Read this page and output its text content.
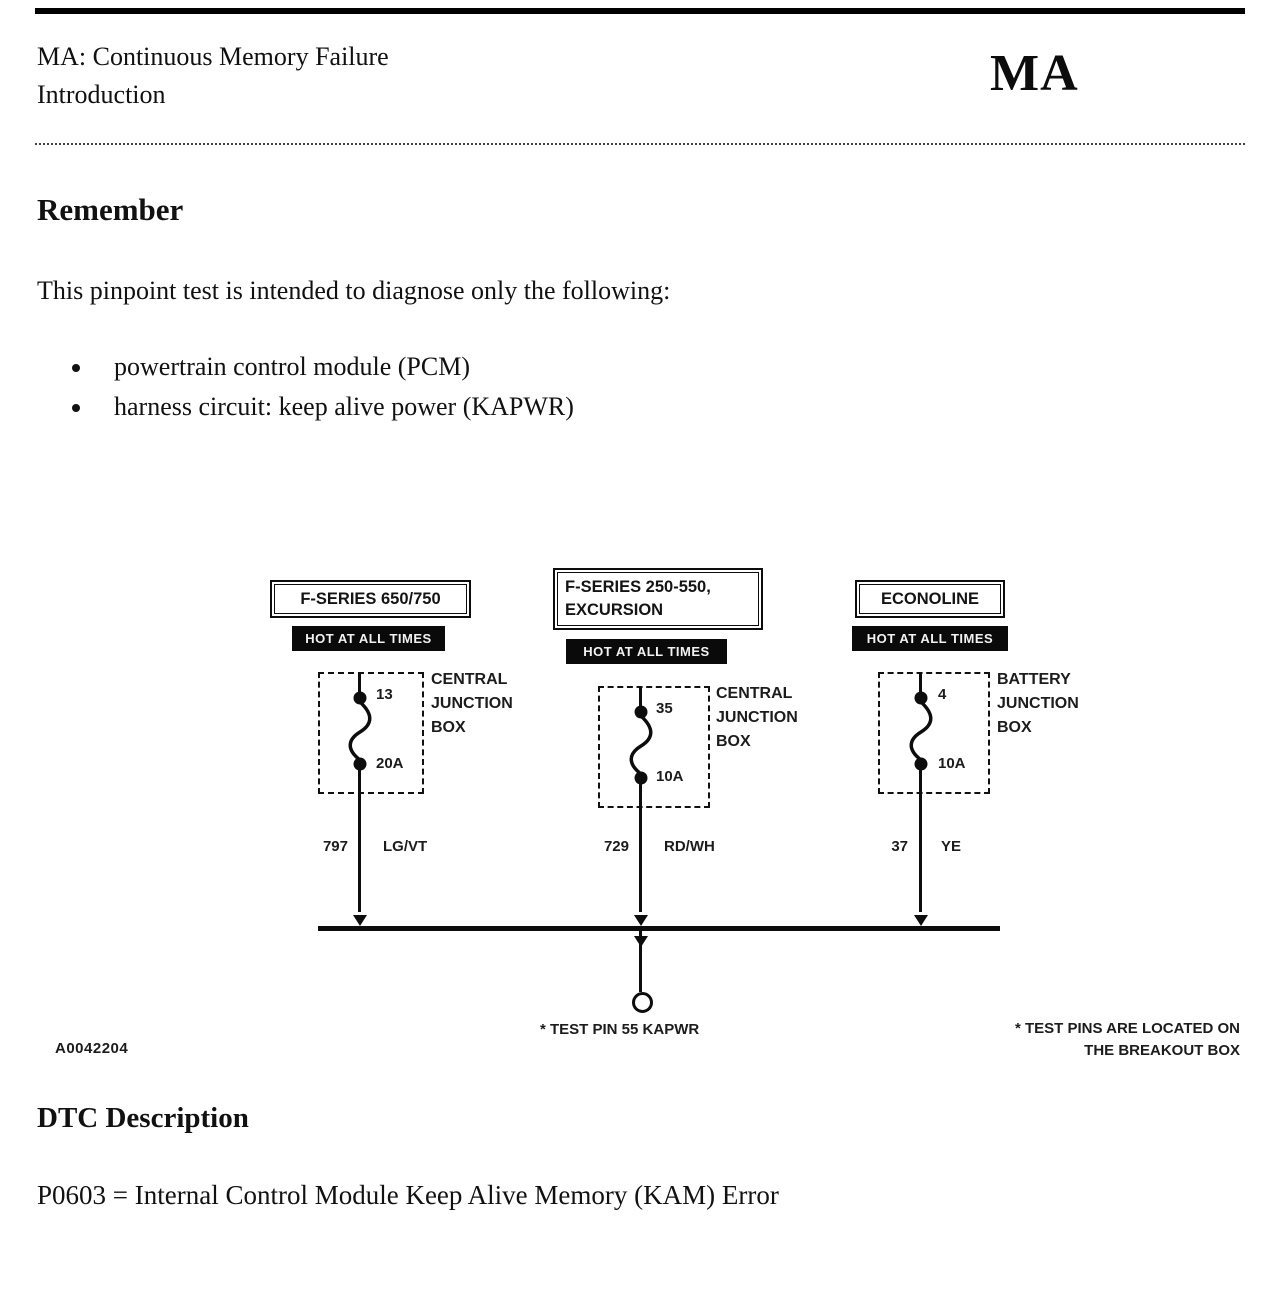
MA: Continuous Memory Failure
Introduction	MA
Remember
This pinpoint test is intended to diagnose only the following:
• powertrain control module (PCM)
• harness circuit: keep alive power (KAPWR)
F-SERIES 650/750
HOT AT ALL TIMES
13
20A
CENTRAL JUNCTION BOX
797 LG/VT
F-SERIES 250-550, EXCURSION
HOT AT ALL TIMES
35
10A
CENTRAL JUNCTION BOX
729 RD/WH
ECONOLINE
HOT AT ALL TIMES
4
10A
BATTERY JUNCTION BOX
37 YE
* TEST PIN 55 KAPWR	* TEST PINS ARE LOCATED ON
THE BREAKOUT BOX
A0042204
DTC Description
P0603 = Internal Control Module Keep Alive Memory (KAM) Error
